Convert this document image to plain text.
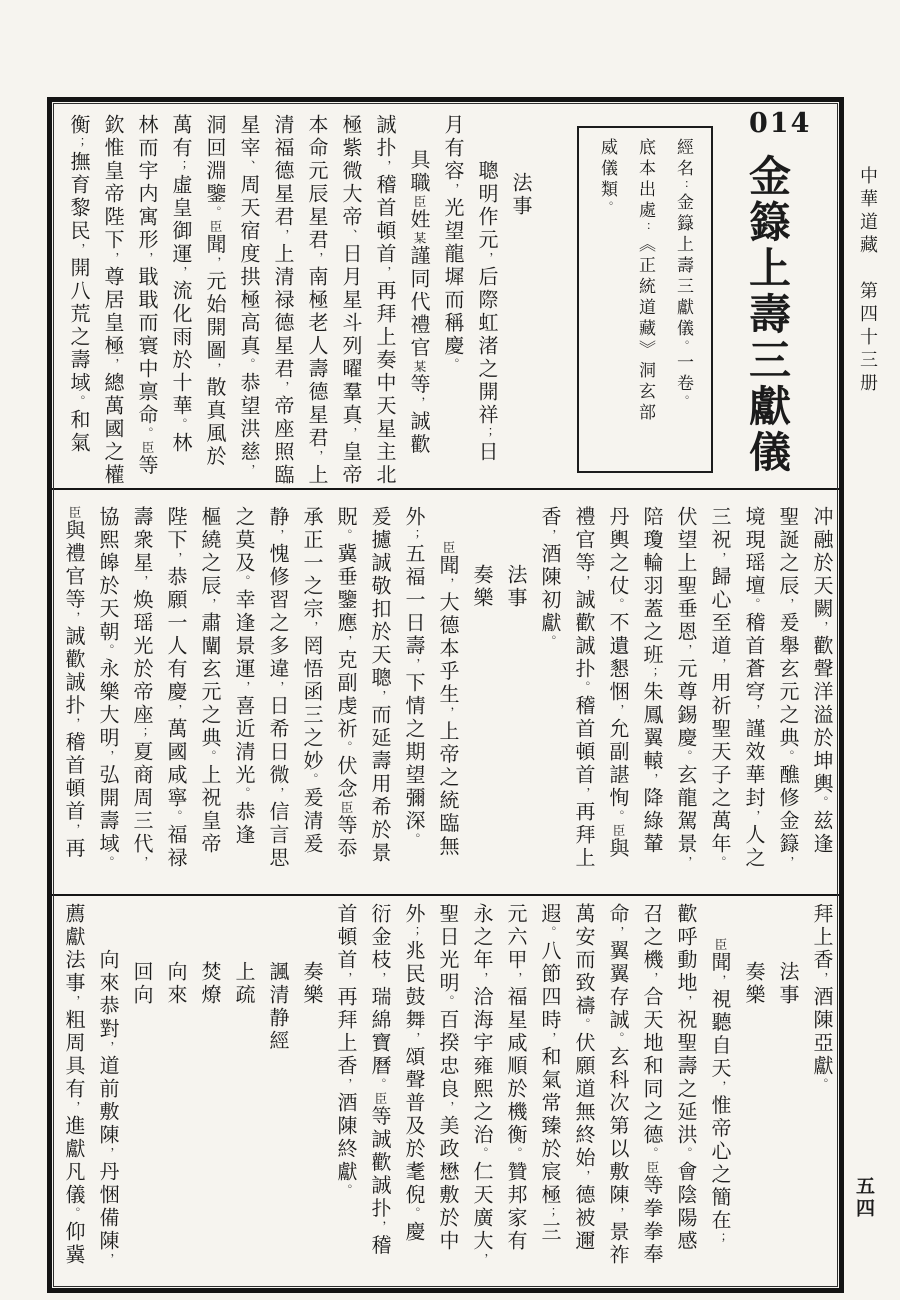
014
金籙上壽三獻儀
經名：金籙上壽三獻儀。一卷。
底本出處：《正統道藏》洞玄部
威儀類。
法事
聰明作元，后際虹渚之開祥；日
月有容，光望龍墀而稱慶。
具職臣姓某謹同代禮官某等，誠歡
誠扑，稽首頓首，再拜上奏中天星主北
極紫微大帝、日月星斗列曜羣真，皇帝
本命元辰星君，南極老人壽德星君，上
清福德星君，上清禄德星君，帝座照臨
星宰、周天宿度拱極高真。恭望洪慈，
洞回淵鑒。臣聞，元始開圖，散真風於
萬有；虛皇御運，流化雨於十華。林
林而宇内寓形，戢戢而寰中禀命。臣等
欽惟皇帝陛下，尊居皇極，總萬國之權
衡；撫育黎民，開八荒之壽域。和氣
冲融於天闕，歡聲洋溢於坤輿。兹逢
聖誕之辰，爰舉玄元之典。醮修金籙，
境現瑶壇。稽首蒼穹，謹效華封，人之
三祝，歸心至道，用祈聖天子之萬年。
伏望上聖垂恩，元尊錫慶。玄龍駕景，
陪瓊輪羽蓋之班；朱鳳翼轅，降綠輦
丹輿之仗。不遺懇悃，允副諶恂。臣與
禮官等，誠歡誠扑。稽首頓首，再拜上
香，酒陳初獻。
法事
奏樂
臣聞，大德本乎生，上帝之統臨無
外；五福一日壽，下情之期望彌深。
爰攄誠敬扣於天聰，而延壽用希於景
貺。冀垂鑒應，克副虔祈。伏念臣等忝
承正一之宗，罔悟函三之妙。爰清爰
静，愧修習之多違，日希日微，信言思
之莫及。幸逢景運，喜近清光。恭逢
樞繞之辰，肅闡玄元之典。上祝皇帝
陛下，恭願一人有慶，萬國咸寧。福禄
壽衆星，焕瑶光於帝座；夏商周三代，
協熙皞於天朝。永樂大明，弘開壽域。
臣與禮官等，誠歡誠扑，稽首頓首，再
拜上香，酒陳亞獻。
法事
奏樂
臣聞，視聽自天，惟帝心之簡在；
歡呼動地，祝聖壽之延洪。會陰陽感
召之機，合天地和同之德。臣等拳拳奉
命，翼翼存誠。玄科次第以敷陳，景祚
萬安而致禱。伏願道無終始，德被邇
遐。八節四時，和氣常臻於宸極；三
元六甲，福星咸順於機衡。贊邦家有
永之年，洽海宇雍熙之治。仁天廣大，
聖日光明。百揆忠良，美政懋敷於中
外；兆民鼓舞，頌聲普及於耄倪。慶
衍金枝，瑞綿寶曆。臣等誠歡誠扑，稽
首頓首，再拜上香，酒陳終獻。
奏樂
諷清静經
上疏
焚燎
向來
回向
向來恭對，道前敷陳，丹悃備陳，
薦獻法事，粗周具有，進獻凡儀。仰冀
中華道藏　第四十三册
五四
